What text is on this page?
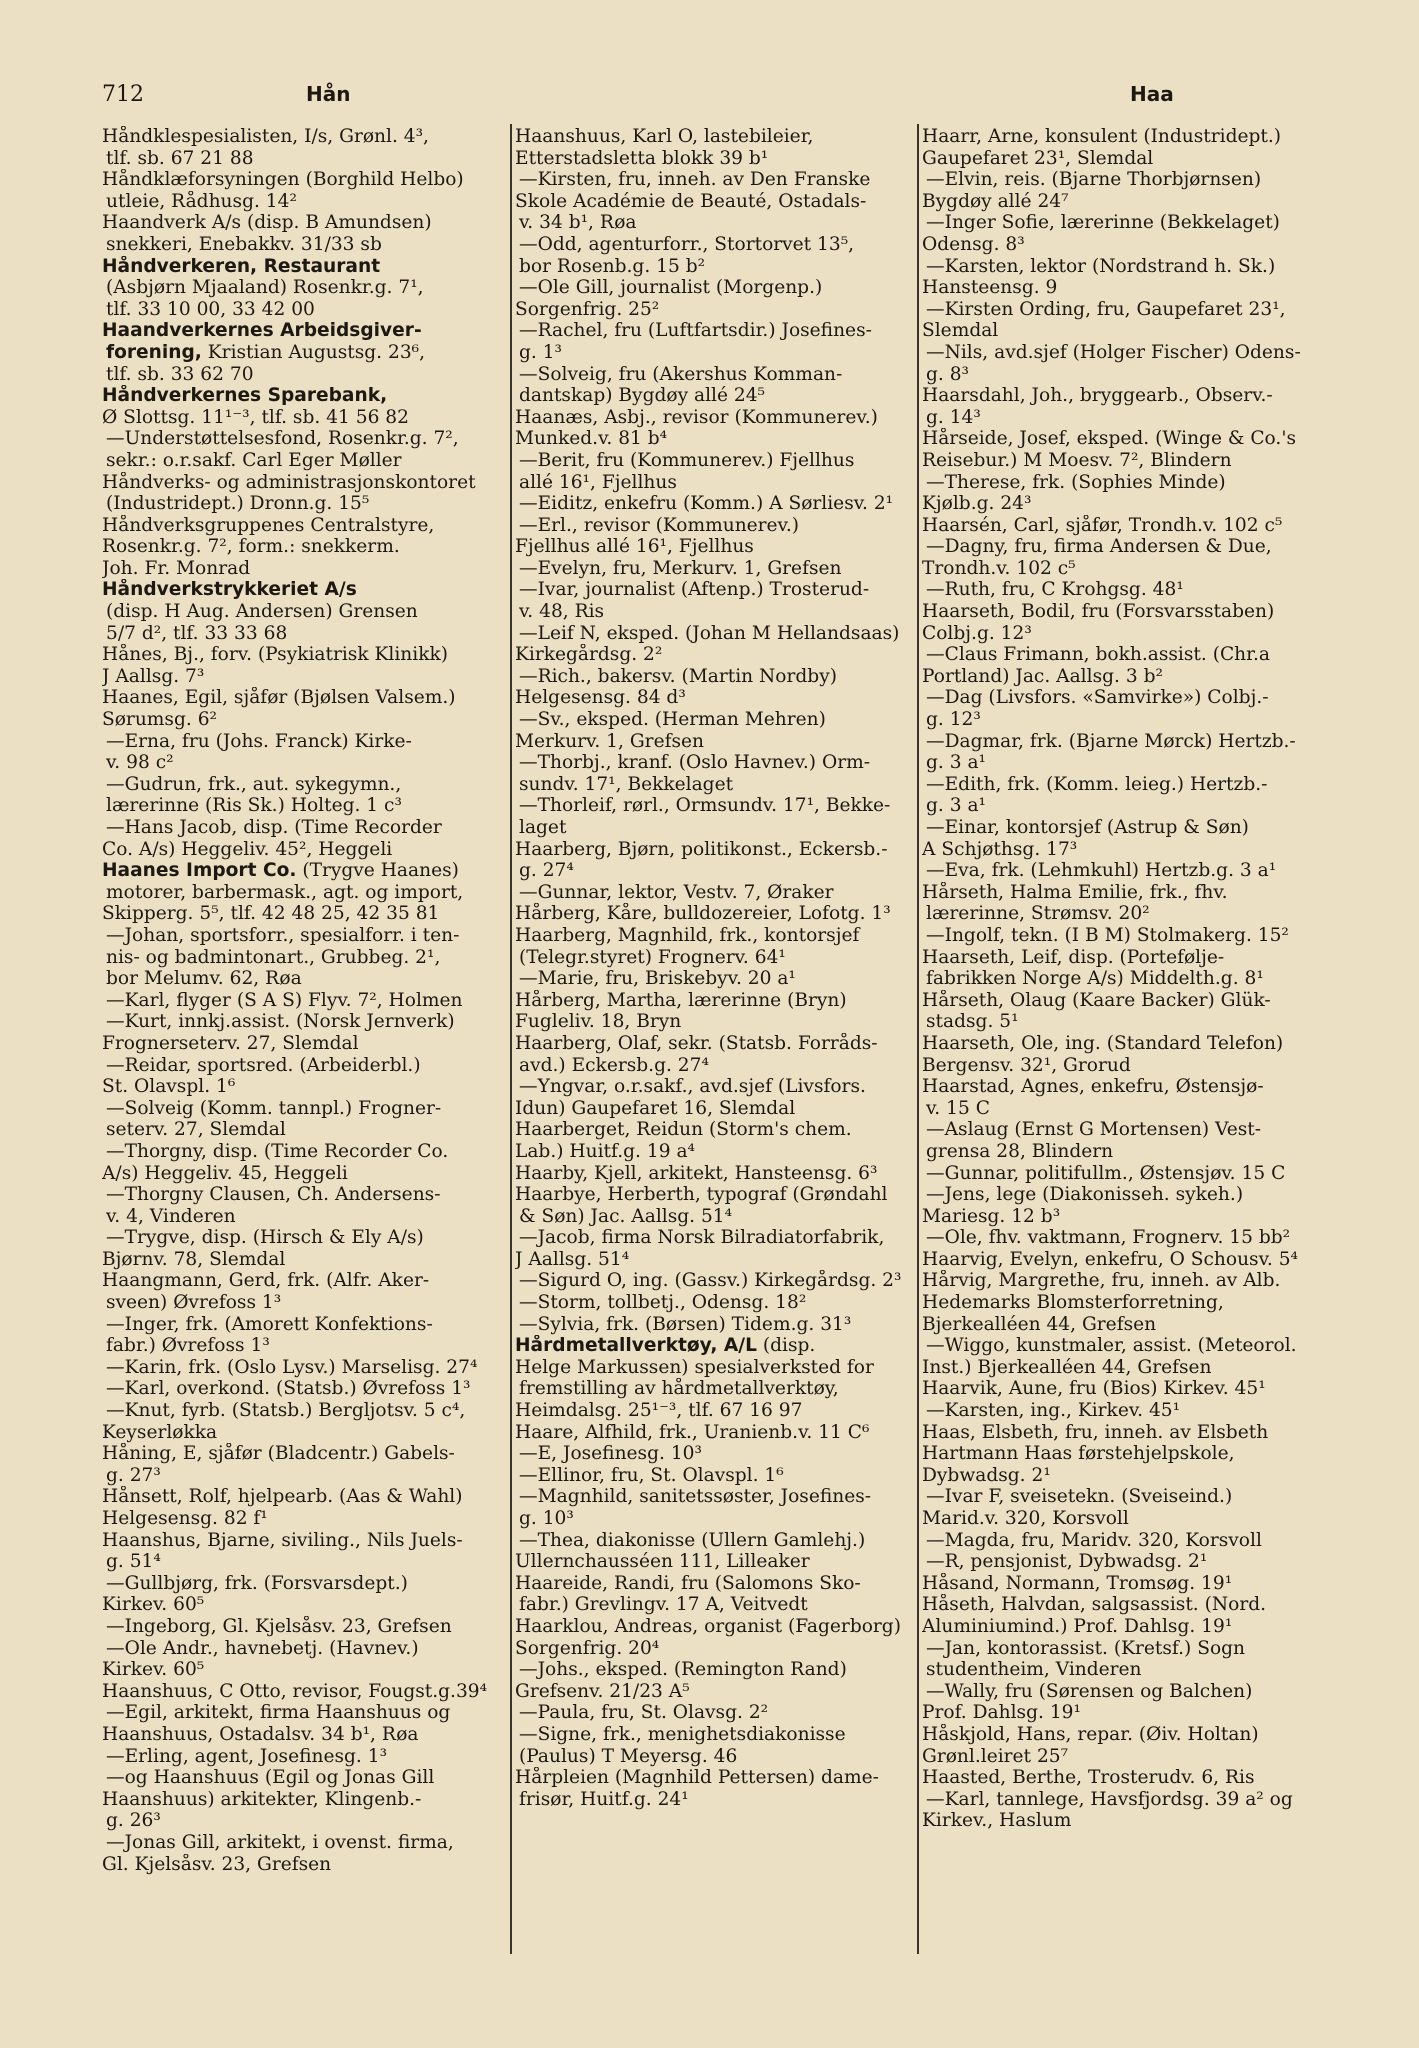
712	Hån	Haa
Håndklespesialisten, I/s, Grønl. 4³,
tlf. sb. 67 21 88
Håndklæforsyningen (Borghild Helbo)
utleie, Rådhusg. 14²
Haandverk A/s (disp. B Amundsen)
snekkeri, Enebakkv. 31/33 sb
Håndverkeren, Restaurant
(Asbjørn Mjaaland) Rosenkr.g. 7¹,
tlf. 33 10 00, 33 42 00
Haandverkernes Arbeidsgiver-
forening, Kristian Augustsg. 23⁶,
tlf. sb. 33 62 70
Håndverkernes Sparebank,
Ø Slottsg. 11¹⁻³, tlf. sb. 41 56 82
—Understøttelsesfond, Rosenkr.g. 7²,
sekr.: o.r.sakf. Carl Eger Møller
Håndverks- og administrasjonskontoret
(Industridept.) Dronn.g. 15⁵
Håndverksgruppenes Centralstyre,
Rosenkr.g. 7², form.: snekkerm.
Joh. Fr. Monrad
Håndverkstrykkeriet A/s
(disp. H Aug. Andersen) Grensen
5/7 d², tlf. 33 33 68
Hånes, Bj., forv. (Psykiatrisk Klinikk)
J Aallsg. 7³
Haanes, Egil, sjåfør (Bjølsen Valsem.)
Sørumsg. 6²
—Erna, fru (Johs. Franck) Kirke-
v. 98 c²
—Gudrun, frk., aut. sykegymn.,
lærerinne (Ris Sk.) Holteg. 1 c³
—Hans Jacob, disp. (Time Recorder
Co. A/s) Heggeliv. 45², Heggeli
Haanes Import Co. (Trygve Haanes)
motorer, barbermask., agt. og import,
Skipperg. 5⁵, tlf. 42 48 25, 42 35 81
—Johan, sportsforr., spesialforr. i ten-
nis- og badmintonart., Grubbeg. 2¹,
bor Melumv. 62, Røa
—Karl, flyger (S A S) Flyv. 7², Holmen
—Kurt, innkj.assist. (Norsk Jernverk)
Frognerseterv. 27, Slemdal
—Reidar, sportsred. (Arbeiderbl.)
St. Olavspl. 1⁶
—Solveig (Komm. tannpl.) Frogner-
seterv. 27, Slemdal
—Thorgny, disp. (Time Recorder Co.
A/s) Heggeliv. 45, Heggeli
—Thorgny Clausen, Ch. Andersens-
v. 4, Vinderen
—Trygve, disp. (Hirsch & Ely A/s)
Bjørnv. 78, Slemdal
Haangmann, Gerd, frk. (Alfr. Aker-
sveen) Øvrefoss 1³
—Inger, frk. (Amorett Konfektions-
fabr.) Øvrefoss 1³
—Karin, frk. (Oslo Lysv.) Marselisg. 27⁴
—Karl, overkond. (Statsb.) Øvrefoss 1³
—Knut, fyrb. (Statsb.) Bergljotsv. 5 c⁴,
Keyserløkka
Håning, E, sjåfør (Bladcentr.) Gabels-
g. 27³
Hånsett, Rolf, hjelpearb. (Aas & Wahl)
Helgesensg. 82 f¹
Haanshus, Bjarne, siviling., Nils Juels-
g. 51⁴
—Gullbjørg, frk. (Forsvarsdept.)
Kirkev. 60⁵
—Ingeborg, Gl. Kjelsåsv. 23, Grefsen
—Ole Andr., havnebetj. (Havnev.)
Kirkev. 60⁵
Haanshuus, C Otto, revisor, Fougst.g.39⁴
—Egil, arkitekt, firma Haanshuus og
Haanshuus, Ostadalsv. 34 b¹, Røa
—Erling, agent, Josefinesg. 1³
—og Haanshuus (Egil og Jonas Gill
Haanshuus) arkitekter, Klingenb.-
g. 26³
—Jonas Gill, arkitekt, i ovenst. firma,
Gl. Kjelsåsv. 23, Grefsen
Haanshuus, Karl O, lastebileier,
Etterstadsletta blokk 39 b¹
—Kirsten, fru, inneh. av Den Franske
Skole Académie de Beauté, Ostadals-
v. 34 b¹, Røa
—Odd, agenturforr., Stortorvet 13⁵,
bor Rosenb.g. 15 b²
—Ole Gill, journalist (Morgenp.)
Sorgenfrig. 25²
—Rachel, fru (Luftfartsdir.) Josefines-
g. 1³
—Solveig, fru (Akershus Komman-
dantskap) Bygdøy allé 24⁵
Haanæs, Asbj., revisor (Kommunerev.)
Munked.v. 81 b⁴
—Berit, fru (Kommunerev.) Fjellhus
allé 16¹, Fjellhus
—Eiditz, enkefru (Komm.) A Sørliesv. 2¹
—Erl., revisor (Kommunerev.)
Fjellhus allé 16¹, Fjellhus
—Evelyn, fru, Merkurv. 1, Grefsen
—Ivar, journalist (Aftenp.) Trosterud-
v. 48, Ris
—Leif N, eksped. (Johan M Hellandsaas)
Kirkegårdsg. 2²
—Rich., bakersv. (Martin Nordby)
Helgesensg. 84 d³
—Sv., eksped. (Herman Mehren)
Merkurv. 1, Grefsen
—Thorbj., kranf. (Oslo Havnev.) Orm-
sundv. 17¹, Bekkelaget
—Thorleif, rørl., Ormsundv. 17¹, Bekke-
laget
Haarberg, Bjørn, politikonst., Eckersb.-
g. 27⁴
—Gunnar, lektor, Vestv. 7, Øraker
Hårberg, Kåre, bulldozereier, Lofotg. 1³
Haarberg, Magnhild, frk., kontorsjef
(Telegr.styret) Frognerv. 64¹
—Marie, fru, Briskebyv. 20 a¹
Hårberg, Martha, lærerinne (Bryn)
Fugleliv. 18, Bryn
Haarberg, Olaf, sekr. (Statsb. Forråds-
avd.) Eckersb.g. 27⁴
—Yngvar, o.r.sakf., avd.sjef (Livsfors.
Idun) Gaupefaret 16, Slemdal
Haarberget, Reidun (Storm's chem.
Lab.) Huitf.g. 19 a⁴
Haarby, Kjell, arkitekt, Hansteensg. 6³
Haarbye, Herberth, typograf (Grøndahl
& Søn) Jac. Aallsg. 51⁴
—Jacob, firma Norsk Bilradiatorfabrik,
J Aallsg. 51⁴
—Sigurd O, ing. (Gassv.) Kirkegårdsg. 2³
—Storm, tollbetj., Odensg. 18²
—Sylvia, frk. (Børsen) Tidem.g. 31³
Hårdmetallverktøy, A/L (disp.
Helge Markussen) spesialverksted for
fremstilling av hårdmetallverktøy,
Heimdalsg. 25¹⁻³, tlf. 67 16 97
Haare, Alfhild, frk., Uranienb.v. 11 C⁶
—E, Josefinesg. 10³
—Ellinor, fru, St. Olavspl. 1⁶
—Magnhild, sanitetssøster, Josefines-
g. 10³
—Thea, diakonisse (Ullern Gamlehj.)
Ullernchausséen 111, Lilleaker
Haareide, Randi, fru (Salomons Sko-
fabr.) Grevlingv. 17 A, Veitvedt
Haarklou, Andreas, organist (Fagerborg)
Sorgenfrig. 20⁴
—Johs., eksped. (Remington Rand)
Grefsenv. 21/23 A⁵
—Paula, fru, St. Olavsg. 2²
—Signe, frk., menighetsdiakonisse
(Paulus) T Meyersg. 46
Hårpleien (Magnhild Pettersen) dame-
frisør, Huitf.g. 24¹
Haarr, Arne, konsulent (Industridept.)
Gaupefaret 23¹, Slemdal
—Elvin, reis. (Bjarne Thorbjørnsen)
Bygdøy allé 24⁷
—Inger Sofie, lærerinne (Bekkelaget)
Odensg. 8³
—Karsten, lektor (Nordstrand h. Sk.)
Hansteensg. 9
—Kirsten Ording, fru, Gaupefaret 23¹,
Slemdal
—Nils, avd.sjef (Holger Fischer) Odens-
g. 8³
Haarsdahl, Joh., bryggearb., Observ.-
g. 14³
Hårseide, Josef, eksped. (Winge & Co.'s
Reisebur.) M Moesv. 7², Blindern
—Therese, frk. (Sophies Minde)
Kjølb.g. 24³
Haarsén, Carl, sjåfør, Trondh.v. 102 c⁵
—Dagny, fru, firma Andersen & Due,
Trondh.v. 102 c⁵
—Ruth, fru, C Krohgsg. 48¹
Haarseth, Bodil, fru (Forsvarsstaben)
Colbj.g. 12³
—Claus Frimann, bokh.assist. (Chr.a
Portland) Jac. Aallsg. 3 b²
—Dag (Livsfors. «Samvirke») Colbj.-
g. 12³
—Dagmar, frk. (Bjarne Mørck) Hertzb.-
g. 3 a¹
—Edith, frk. (Komm. leieg.) Hertzb.-
g. 3 a¹
—Einar, kontorsjef (Astrup & Søn)
A Schjøthsg. 17³
—Eva, frk. (Lehmkuhl) Hertzb.g. 3 a¹
Hårseth, Halma Emilie, frk., fhv.
lærerinne, Strømsv. 20²
—Ingolf, tekn. (I B M) Stolmakerg. 15²
Haarseth, Leif, disp. (Portefølje-
fabrikken Norge A/s) Middelth.g. 8¹
Hårseth, Olaug (Kaare Backer) Glük-
stadsg. 5¹
Haarseth, Ole, ing. (Standard Telefon)
Bergensv. 32¹, Grorud
Haarstad, Agnes, enkefru, Østensjø-
v. 15 C
—Aslaug (Ernst G Mortensen) Vest-
grensa 28, Blindern
—Gunnar, politifullm., Østensjøv. 15 C
—Jens, lege (Diakonisseh. sykeh.)
Mariesg. 12 b³
—Ole, fhv. vaktmann, Frognerv. 15 bb²
Haarvig, Evelyn, enkefru, O Schousv. 5⁴
Hårvig, Margrethe, fru, inneh. av Alb.
Hedemarks Blomsterforretning,
Bjerkealléen 44, Grefsen
—Wiggo, kunstmaler, assist. (Meteorol.
Inst.) Bjerkealléen 44, Grefsen
Haarvik, Aune, fru (Bios) Kirkev. 45¹
—Karsten, ing., Kirkev. 45¹
Haas, Elsbeth, fru, inneh. av Elsbeth
Hartmann Haas førstehjelpskole,
Dybwadsg. 2¹
—Ivar F, sveisetekn. (Sveiseind.)
Marid.v. 320, Korsvoll
—Magda, fru, Maridv. 320, Korsvoll
—R, pensjonist, Dybwadsg. 2¹
Håsand, Normann, Tromsøg. 19¹
Håseth, Halvdan, salgsassist. (Nord.
Aluminiumind.) Prof. Dahlsg. 19¹
—Jan, kontorassist. (Kretsf.) Sogn
studentheim, Vinderen
—Wally, fru (Sørensen og Balchen)
Prof. Dahlsg. 19¹
Håskjold, Hans, repar. (Øiv. Holtan)
Grønl.leiret 25⁷
Haasted, Berthe, Trosterudv. 6, Ris
—Karl, tannlege, Havsfjordsg. 39 a² og
Kirkev., Haslum
